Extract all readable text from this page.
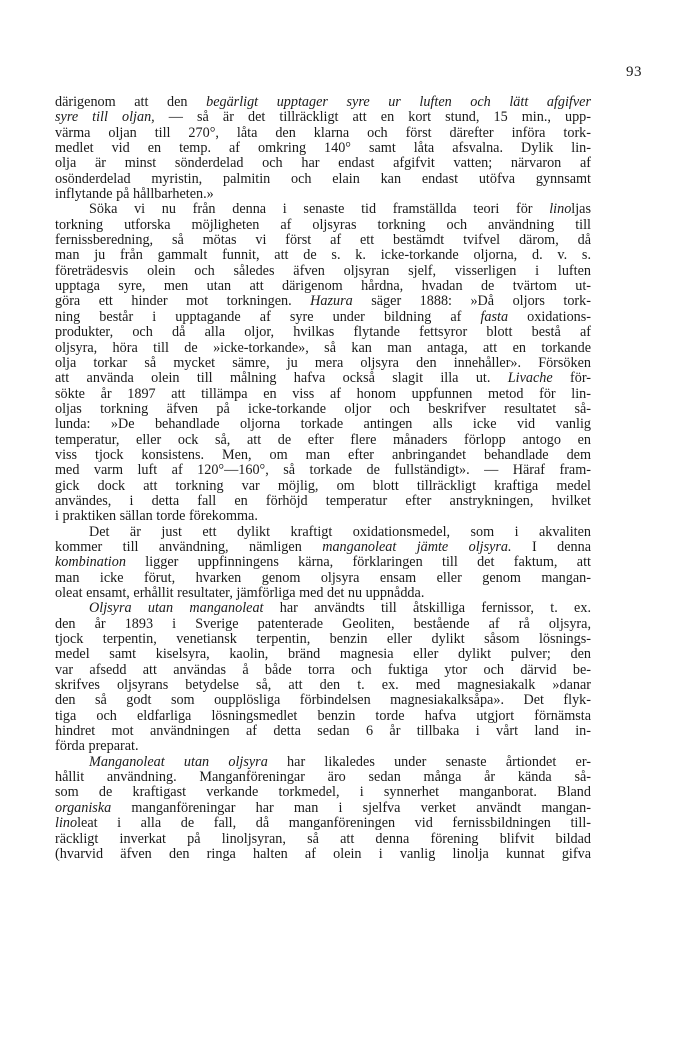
93
därigenom att den begärligt upptager syre ur luften och lätt afgifver
syre till oljan, — så är det tillräckligt att en kort stund, 15 min., upp-
värma oljan till 270°, låta den klarna och först därefter införa tork-
medlet vid en temp. af omkring 140° samt låta afsvalna. Dylik lin-
olja är minst sönderdelad och har endast afgifvit vatten; närvaron af
osönderdelad myristin, palmitin och elain kan endast utöfva gynnsamt
inflytande på hållbarheten.»
Söka vi nu från denna i senaste tid framställda teori för linoljas
torkning utforska möjligheten af oljsyras torkning och användning till
fernissberedning, så mötas vi först af ett bestämdt tvifvel därom, då
man ju från gammalt funnit, att de s. k. icke-torkande oljorna, d. v. s.
företrädesvis olein och således äfven oljsyran sjelf, visserligen i luften
upptaga syre, men utan att därigenom hårdna, hvadan de tvärtom ut-
göra ett hinder mot torkningen. Hazura säger 1888: »Då oljors tork-
ning består i upptagande af syre under bildning af fasta oxidations-
produkter, och då alla oljor, hvilkas flytande fettsyror blott bestå af
oljsyra, höra till de »icke-torkande», så kan man antaga, att en torkande
olja torkar så mycket sämre, ju mera oljsyra den innehåller». Försöken
att använda olein till målning hafva också slagit illa ut. Livache för-
sökte år 1897 att tillämpa en viss af honom uppfunnen metod för lin-
oljas torkning äfven på icke-torkande oljor och beskrifver resultatet så-
lunda: »De behandlade oljorna torkade antingen alls icke vid vanlig
temperatur, eller ock så, att de efter flere månaders förlopp antogo en
viss tjock konsistens. Men, om man efter anbringandet behandlade dem
med varm luft af 120°—160°, så torkade de fullständigt». — Häraf fram-
gick dock att torkning var möjlig, om blott tillräckligt kraftiga medel
användes, i detta fall en förhöjd temperatur efter anstrykningen, hvilket
i praktiken sällan torde förekomma.
Det är just ett dylikt kraftigt oxidationsmedel, som i akvaliten
kommer till användning, nämligen manganoleat jämte oljsyra. I denna
kombination ligger uppfinningens kärna, förklaringen till det faktum, att
man icke förut, hvarken genom oljsyra ensam eller genom mangan-
oleat ensamt, erhållit resultater, jämförliga med det nu uppnådda.
Oljsyra utan manganoleat har användts till åtskilliga fernissor, t. ex.
den år 1893 i Sverige patenterade Geoliten, bestående af rå oljsyra,
tjock terpentin, venetiansk terpentin, benzin eller dylikt såsom lösnings-
medel samt kiselsyra, kaolin, bränd magnesia eller dylikt pulver; den
var afsedd att användas å både torra och fuktiga ytor och därvid be-
skrifves oljsyrans betydelse så, att den t. ex. med magnesiakalk »danar
den så godt som oupplösliga förbindelsen magnesiakalksåpa». Det flyk-
tiga och eldfarliga lösningsmedlet benzin torde hafva utgjort förnämsta
hindret mot användningen af detta sedan 6 år tillbaka i vårt land in-
förda preparat.
Manganoleat utan oljsyra har likaledes under senaste årtiondet er-
hållit användning. Manganföreningar äro sedan många år kända så-
som de kraftigast verkande torkmedel, i synnerhet manganborat. Bland
organiska manganföreningar har man i sjelfva verket användt mangan-
linoleat i alla de fall, då manganföreningen vid fernissbildningen till-
räckligt inverkat på linoljsyran, så att denna förening blifvit bildad
(hvarvid äfven den ringa halten af olein i vanlig linolja kunnat gifva
